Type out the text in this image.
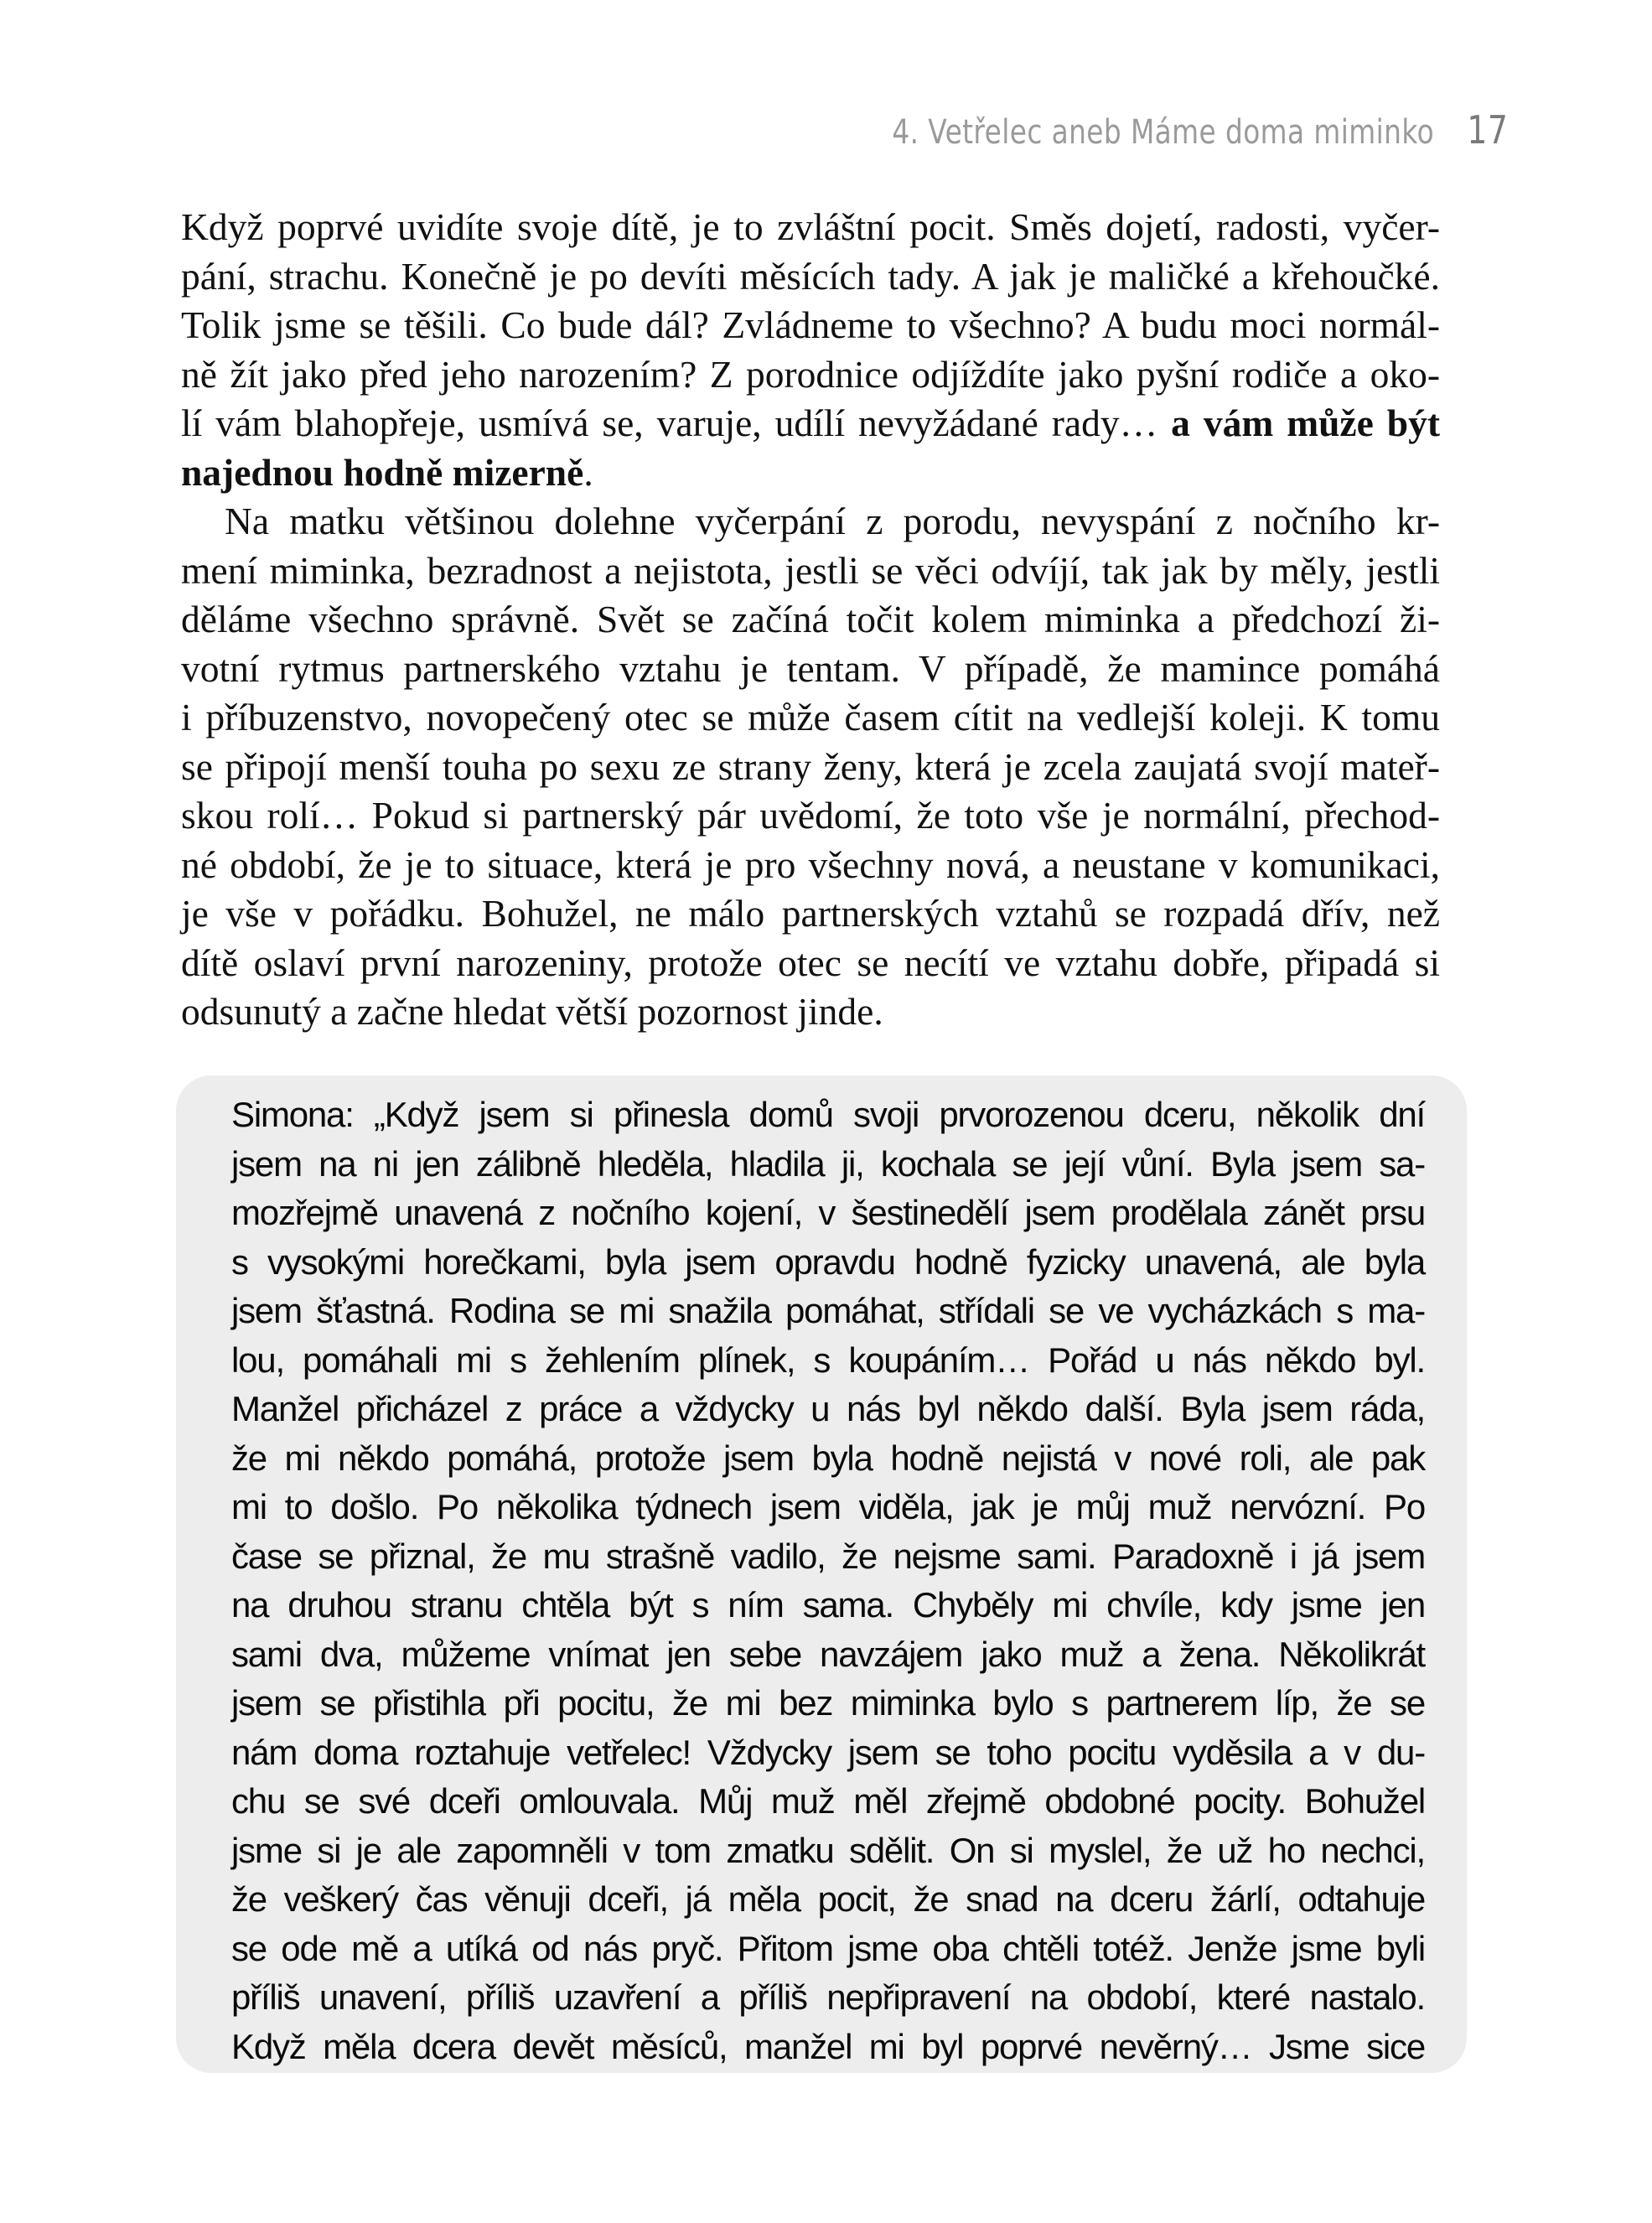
4. Vetřelec aneb Máme doma miminko 17

Když poprvé uvidíte svoje dítě, je to zvláštní pocit. Směs dojetí, radosti, vyčer-
pání, strachu. Konečně je po devíti měsících tady. A jak je maličké a křehoučké.
Tolik jsme se těšili. Co bude dál? Zvládneme to všechno? A budu moci normál-
ně žít jako před jeho narozením? Z porodnice odjíždíte jako pyšní rodiče a oko-
lí vám blahopřeje, usmívá se, varuje, udílí nevyžádané rady… a vám může být
najednou hodně mizerně.

Na matku většinou dolehne vyčerpání z porodu, nevyspání z nočního kr-
mení miminka, bezradnost a nejistota, jestli se věci odvíjí, tak jak by měly, jestli
děláme všechno správně. Svět se začíná točit kolem miminka a předchozí ži-
votní rytmus partnerského vztahu je tentam. V případě, že mamince pomáhá
i příbuzenstvo, novopečený otec se může časem cítit na vedlejší koleji. K tomu
se připojí menší touha po sexu ze strany ženy, která je zcela zaujatá svojí mateř-
skou rolí… Pokud si partnerský pár uvědomí, že toto vše je normální, přechod-
né období, že je to situace, která je pro všechny nová, a neustane v komunikaci,
je vše v pořádku. Bohužel, ne málo partnerských vztahů se rozpadá dřív, než
dítě oslaví první narozeniny, protože otec se necítí ve vztahu dobře, připadá si
odsunutý a začne hledat větší pozornost jinde.

Simona: „Když jsem si přinesla domů svoji prvorozenou dceru, několik dní
jsem na ni jen zálibně hleděla, hladila ji, kochala se její vůní. Byla jsem sa-
mozřejmě unavená z nočního kojení, v šestinedělí jsem prodělala zánět prsu
s vysokými horečkami, byla jsem opravdu hodně fyzicky unavená, ale byla
jsem šťastná. Rodina se mi snažila pomáhat, střídali se ve vycházkách s ma-
lou, pomáhali mi s žehlením plínek, s koupáním… Pořád u nás někdo byl.
Manžel přicházel z práce a vždycky u nás byl někdo další. Byla jsem ráda,
že mi někdo pomáhá, protože jsem byla hodně nejistá v nové roli, ale pak
mi to došlo. Po několika týdnech jsem viděla, jak je můj muž nervózní. Po
čase se přiznal, že mu strašně vadilo, že nejsme sami. Paradoxně i já jsem
na druhou stranu chtěla být s ním sama. Chyběly mi chvíle, kdy jsme jen
sami dva, můžeme vnímat jen sebe navzájem jako muž a žena. Několikrát
jsem se přistihla při pocitu, že mi bez miminka bylo s partnerem líp, že se
nám doma roztahuje vetřelec! Vždycky jsem se toho pocitu vyděsila a v du-
chu se své dceři omlouvala. Můj muž měl zřejmě obdobné pocity. Bohužel
jsme si je ale zapomněli v tom zmatku sdělit. On si myslel, že už ho nechci,
že veškerý čas věnuji dceři, já měla pocit, že snad na dceru žárlí, odtahuje
se ode mě a utíká od nás pryč. Přitom jsme oba chtěli totéž. Jenže jsme byli
příliš unavení, příliš uzavření a příliš nepřipravení na období, které nastalo.
Když měla dcera devět měsíců, manžel mi byl poprvé nevěrný… Jsme sice
